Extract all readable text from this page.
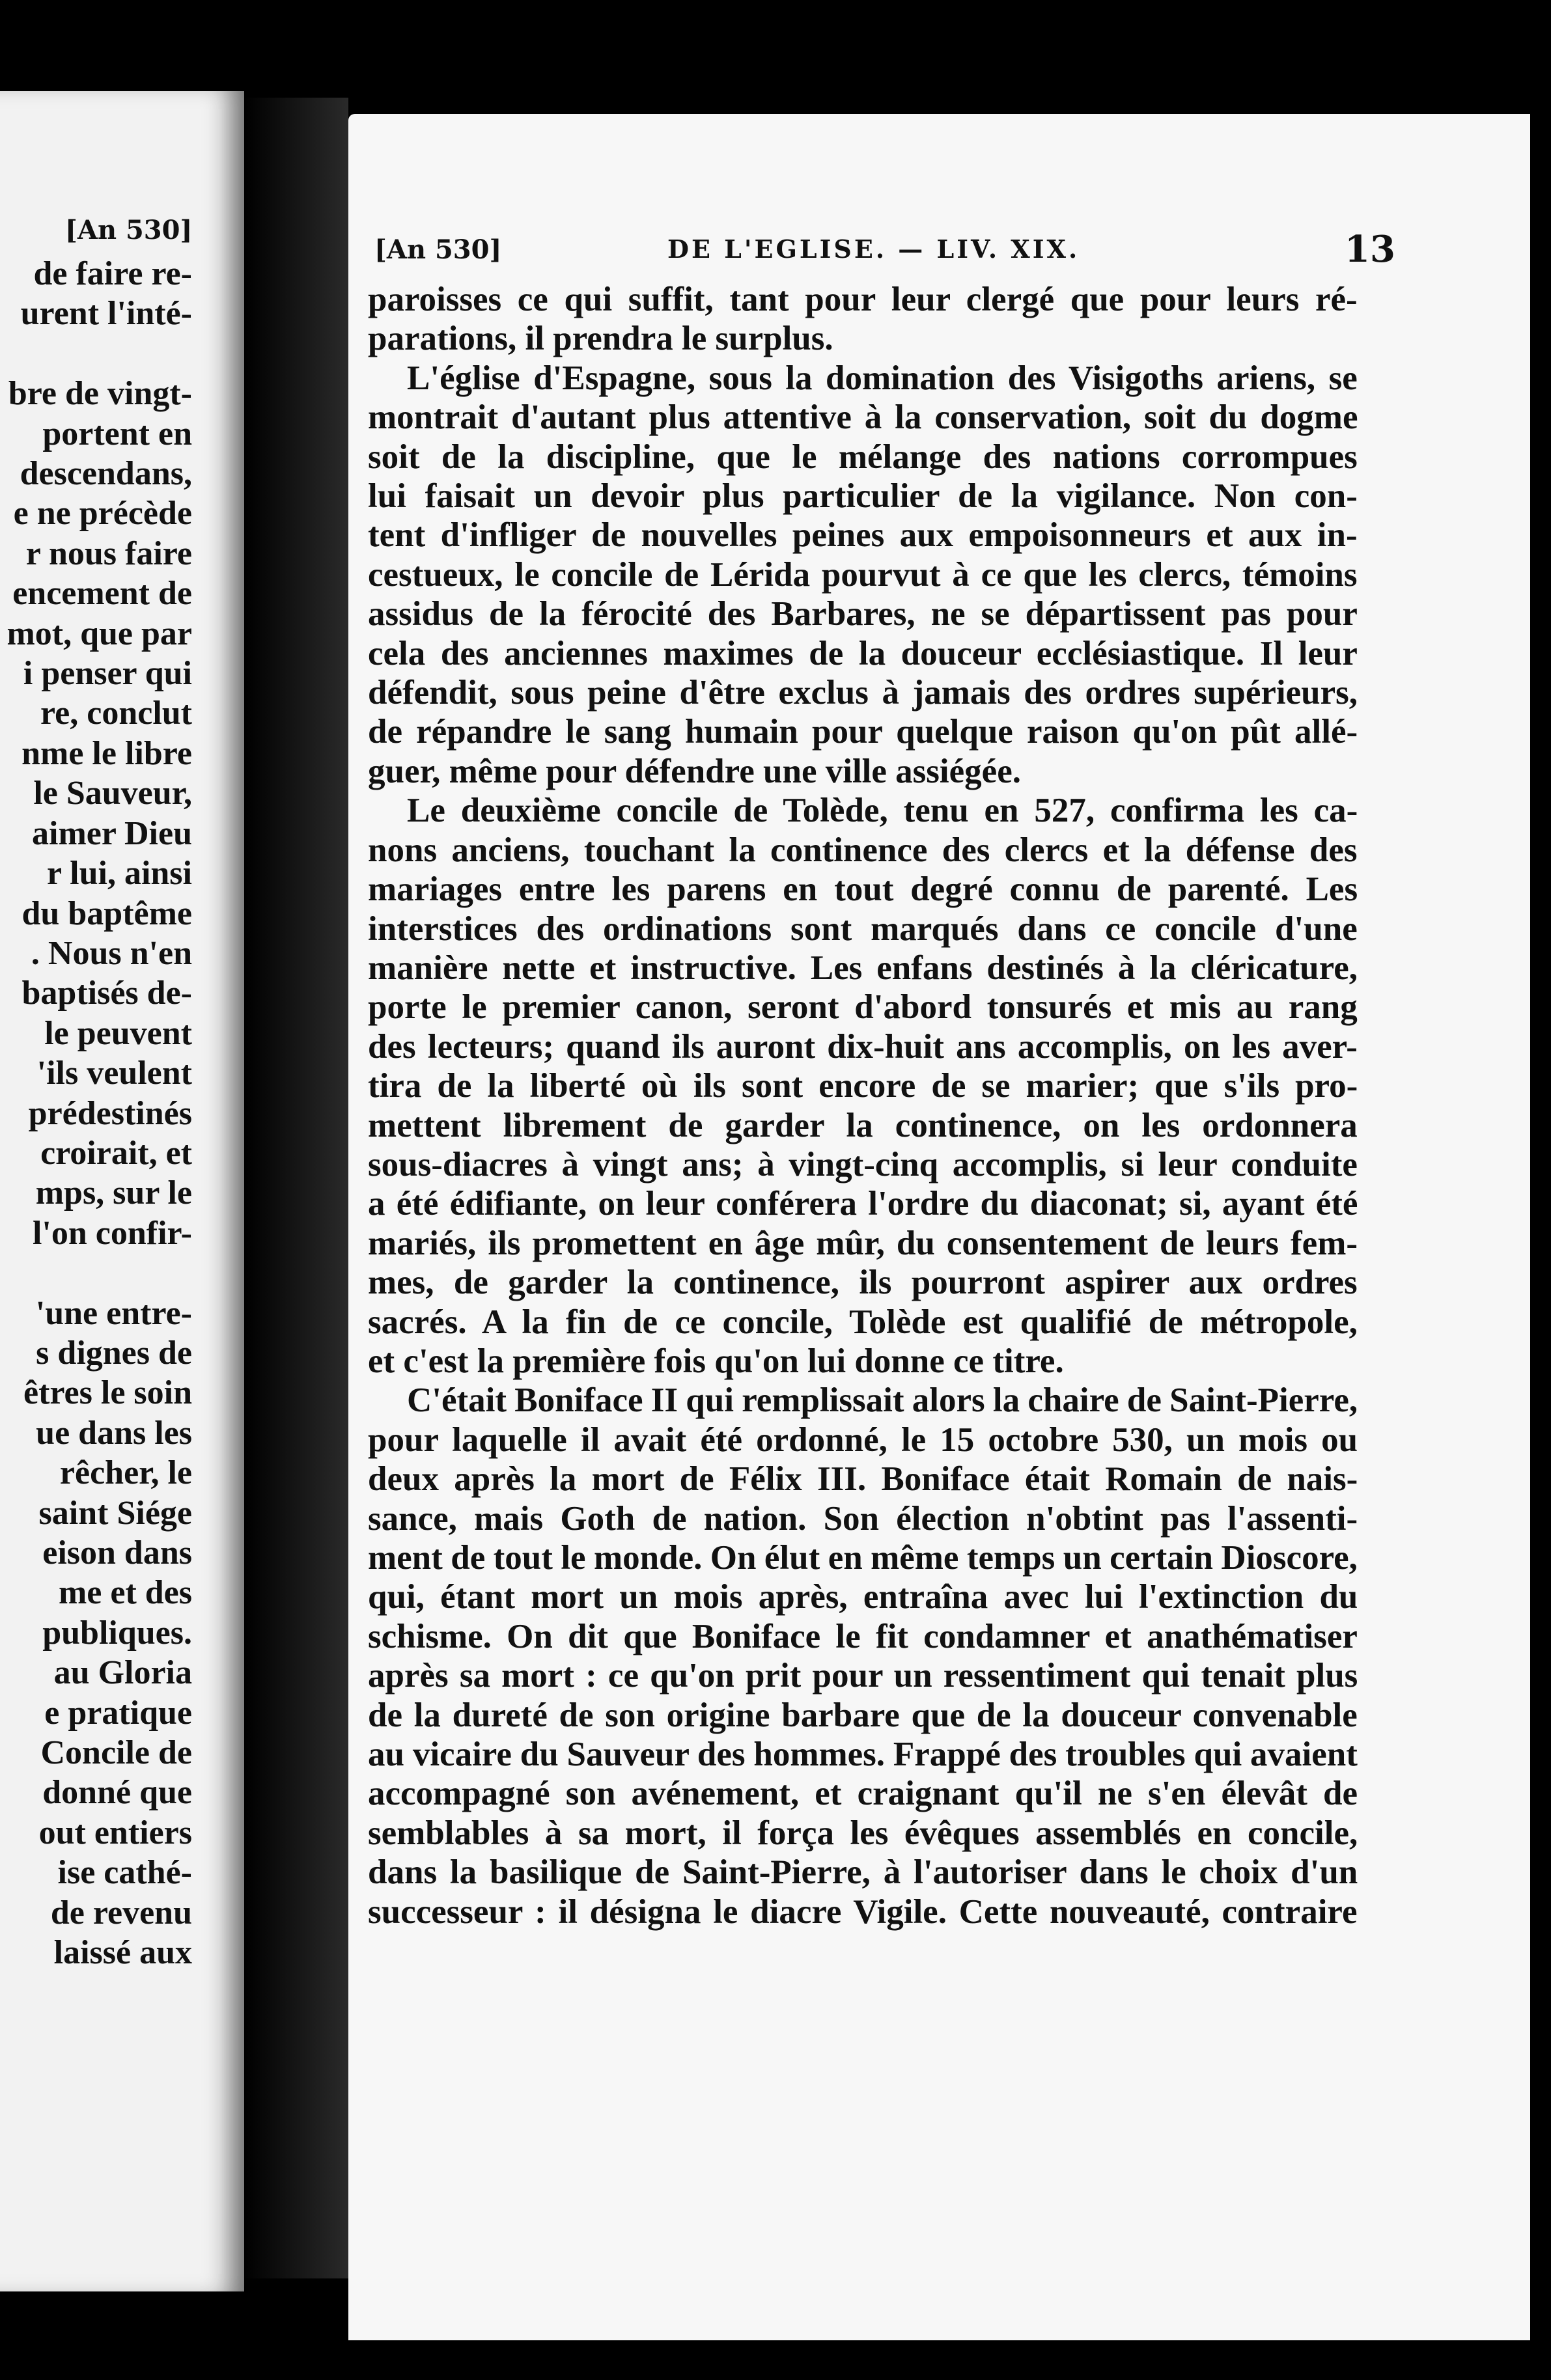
[An 530]
de faire re-
urent l'inté-

bre de vingt-
portent en
descendans,
e ne précède
r nous faire
encement de
mot, que par
i penser qui
re, conclut
nme le libre
le Sauveur,
aimer Dieu
r lui, ainsi
du baptême
. Nous n'en
baptisés de-
le peuvent
'ils veulent
prédestinés
croirait, et
mps, sur le
l'on confir-

'une entre-
s dignes de
êtres le soin
ue dans les
rêcher, le
saint Siége
eison dans
me et des
publiques.
au Gloria
e pratique
Concile de
donné que
out entiers
ise cathé-
de revenu
laissé aux
[An 530]	DE L'EGLISE. — LIV. XIX.	13
paroisses ce qui suffit, tant pour leur clergé que pour leurs ré-
parations, il prendra le surplus.
L'église d'Espagne, sous la domination des Visigoths ariens, se
montrait d'autant plus attentive à la conservation, soit du dogme
soit de la discipline, que le mélange des nations corrompues
lui faisait un devoir plus particulier de la vigilance. Non con-
tent d'infliger de nouvelles peines aux empoisonneurs et aux in-
cestueux, le concile de Lérida pourvut à ce que les clercs, témoins
assidus de la férocité des Barbares, ne se départissent pas pour
cela des anciennes maximes de la douceur ecclésiastique. Il leur
défendit, sous peine d'être exclus à jamais des ordres supérieurs,
de répandre le sang humain pour quelque raison qu'on pût allé-
guer, même pour défendre une ville assiégée.
Le deuxième concile de Tolède, tenu en 527, confirma les ca-
nons anciens, touchant la continence des clercs et la défense des
mariages entre les parens en tout degré connu de parenté. Les
interstices des ordinations sont marqués dans ce concile d'une
manière nette et instructive. Les enfans destinés à la cléricature,
porte le premier canon, seront d'abord tonsurés et mis au rang
des lecteurs; quand ils auront dix-huit ans accomplis, on les aver-
tira de la liberté où ils sont encore de se marier; que s'ils pro-
mettent librement de garder la continence, on les ordonnera
sous-diacres à vingt ans; à vingt-cinq accomplis, si leur conduite
a été édifiante, on leur conférera l'ordre du diaconat; si, ayant été
mariés, ils promettent en âge mûr, du consentement de leurs fem-
mes, de garder la continence, ils pourront aspirer aux ordres
sacrés. A la fin de ce concile, Tolède est qualifié de métropole,
et c'est la première fois qu'on lui donne ce titre.
C'était Boniface II qui remplissait alors la chaire de Saint-Pierre,
pour laquelle il avait été ordonné, le 15 octobre 530, un mois ou
deux après la mort de Félix III. Boniface était Romain de nais-
sance, mais Goth de nation. Son élection n'obtint pas l'assenti-
ment de tout le monde. On élut en même temps un certain Dioscore,
qui, étant mort un mois après, entraîna avec lui l'extinction du
schisme. On dit que Boniface le fit condamner et anathématiser
après sa mort : ce qu'on prit pour un ressentiment qui tenait plus
de la dureté de son origine barbare que de la douceur convenable
au vicaire du Sauveur des hommes. Frappé des troubles qui avaient
accompagné son avénement, et craignant qu'il ne s'en élevât de
semblables à sa mort, il força les évêques assemblés en concile,
dans la basilique de Saint-Pierre, à l'autoriser dans le choix d'un
successeur : il désigna le diacre Vigile. Cette nouveauté, contraire
